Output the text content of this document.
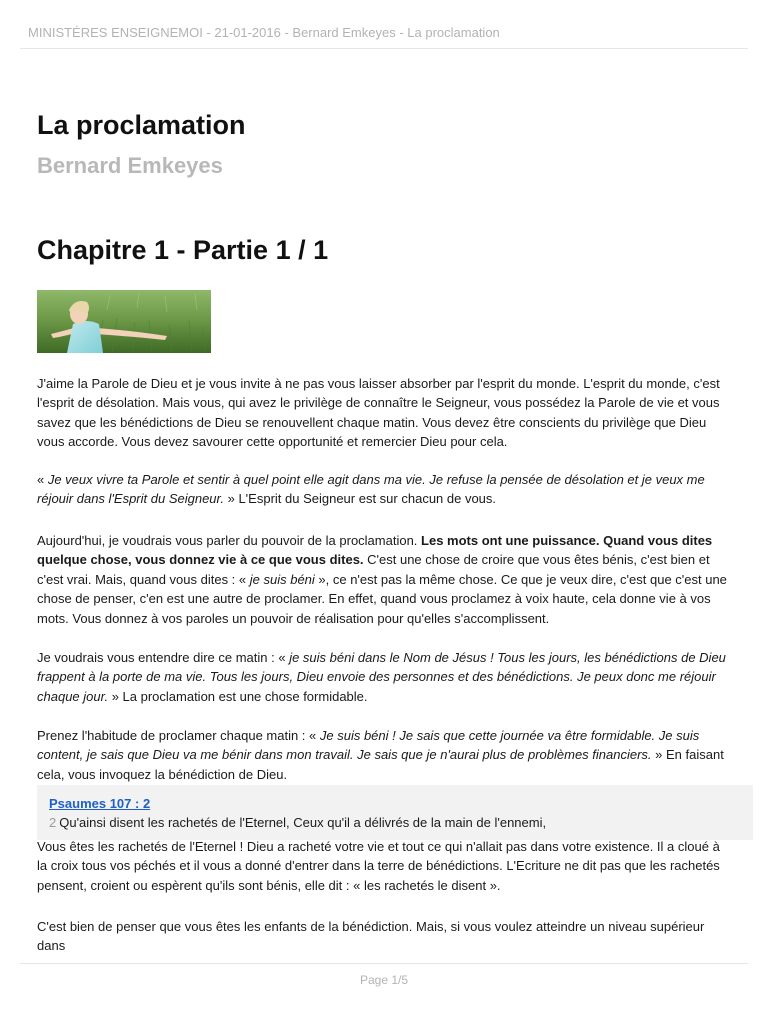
MINISTÉRES ENSEIGNEMOI - 21-01-2016 - Bernard Emkeyes - La proclamation
La proclamation
Bernard Emkeyes
Chapitre 1 - Partie 1 / 1

J'aime la Parole de Dieu et je vous invite à ne pas vous laisser absorber par l'esprit du monde. L'esprit du monde, c'est l'esprit de désolation. Mais vous, qui avez le privilège de connaître le Seigneur, vous possédez la Parole de vie et vous savez que les bénédictions de Dieu se renouvellent chaque matin. Vous devez être conscients du privilège que Dieu vous accorde. Vous devez savourer cette opportunité et remercier Dieu pour cela.

« Je veux vivre ta Parole et sentir à quel point elle agit dans ma vie. Je refuse la pensée de désolation et je veux me réjouir dans l'Esprit du Seigneur. » L'Esprit du Seigneur est sur chacun de vous.

Aujourd'hui, je voudrais vous parler du pouvoir de la proclamation. Les mots ont une puissance. Quand vous dites quelque chose, vous donnez vie à ce que vous dites. C'est une chose de croire que vous êtes bénis, c'est bien et c'est vrai. Mais, quand vous dites : « je suis béni », ce n'est pas la même chose. Ce que je veux dire, c'est que c'est une chose de penser, c'en est une autre de proclamer. En effet, quand vous proclamez à voix haute, cela donne vie à vos mots. Vous donnez à vos paroles un pouvoir de réalisation pour qu'elles s'accomplissent.

Je voudrais vous entendre dire ce matin : « je suis béni dans le Nom de Jésus ! Tous les jours, les bénédictions de Dieu frappent à la porte de ma vie. Tous les jours, Dieu envoie des personnes et des bénédictions. Je peux donc me réjouir chaque jour. » La proclamation est une chose formidable.

Prenez l'habitude de proclamer chaque matin : « Je suis béni ! Je sais que cette journée va être formidable. Je suis content, je sais que Dieu va me bénir dans mon travail. Je sais que je n'aurai plus de problèmes financiers. » En faisant cela, vous invoquez la bénédiction de Dieu.

Psaumes 107 : 2
2 Qu'ainsi disent les rachetés de l'Eternel, Ceux qu'il a délivrés de la main de l'ennemi,

Vous êtes les rachetés de l'Eternel ! Dieu a racheté votre vie et tout ce qui n'allait pas dans votre existence. Il a cloué à la croix tous vos péchés et il vous a donné d'entrer dans la terre de bénédictions. L'Ecriture ne dit pas que les rachetés pensent, croient ou espèrent qu'ils sont bénis, elle dit : « les rachetés le disent ».

C'est bien de penser que vous êtes les enfants de la bénédiction. Mais, si vous voulez atteindre un niveau supérieur dans

Page 1/5
